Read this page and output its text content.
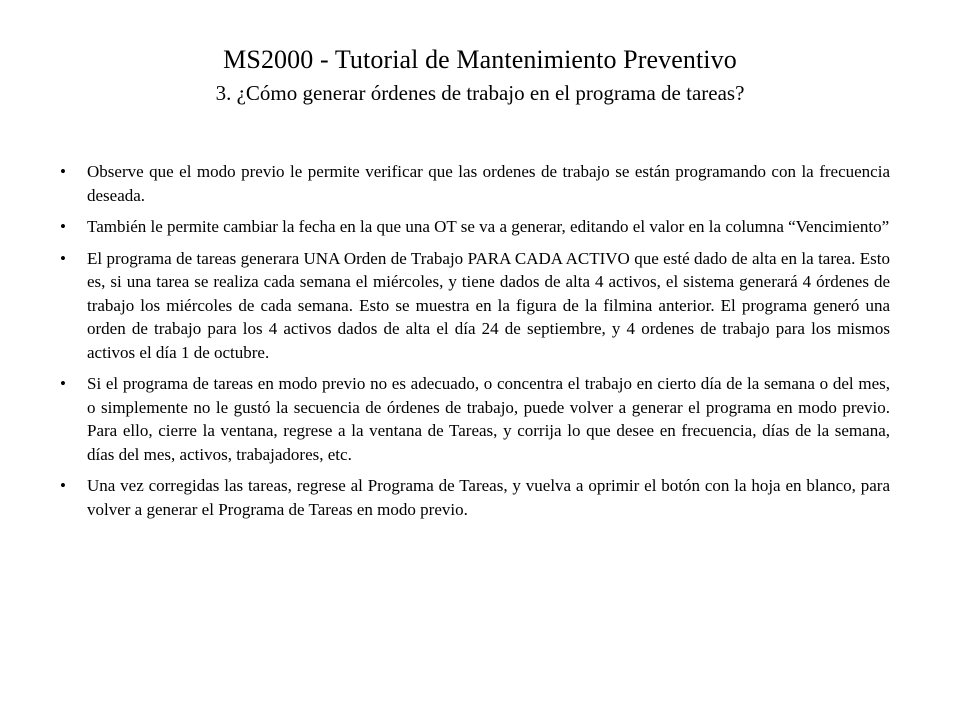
MS2000 - Tutorial de Mantenimiento Preventivo
3. ¿Cómo generar órdenes de trabajo en el programa de tareas?
• Observe que el modo previo le permite verificar que las ordenes de trabajo se están programando con la frecuencia deseada.
• También le permite cambiar la fecha en la que una OT se va a generar, editando el valor en la columna “Vencimiento”
• El programa de tareas generara UNA Orden de Trabajo PARA CADA ACTIVO que esté dado de alta en la tarea. Esto es, si una tarea se realiza cada semana el miércoles, y tiene dados de alta 4 activos, el sistema generará 4 órdenes de trabajo los miércoles de cada semana. Esto se muestra en la figura de la filmina anterior. El programa generó una orden de trabajo para los 4 activos dados de alta el día 24 de septiembre, y 4 ordenes de trabajo para los mismos activos el día 1 de octubre.
• Si el programa de tareas en modo previo no es adecuado, o concentra el trabajo en cierto día de la semana o del mes, o simplemente no le gustó la secuencia de órdenes de trabajo, puede volver a generar el programa en modo previo. Para ello, cierre la ventana, regrese a la ventana de Tareas, y corrija lo que desee en frecuencia, días de la semana, días del mes, activos, trabajadores, etc.
• Una vez corregidas las tareas, regrese al Programa de Tareas, y vuelva a oprimir el botón con la hoja en blanco, para volver a generar el Programa de Tareas en modo previo.
